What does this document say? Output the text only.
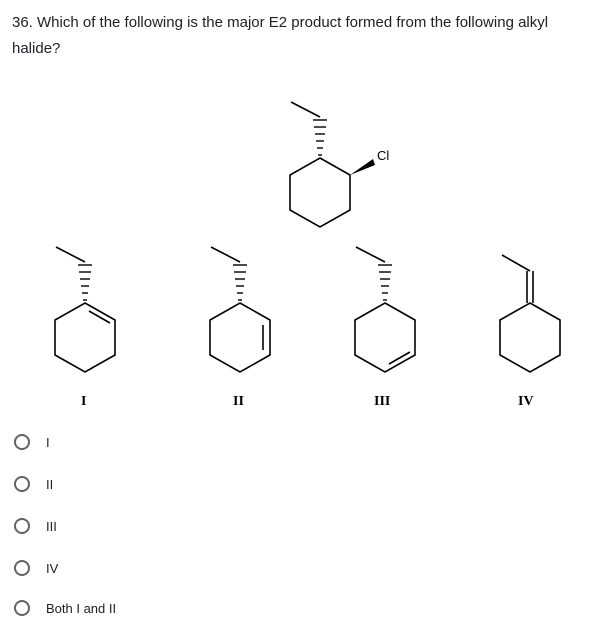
36. Which of the following is the major E2 product formed from the following alkyl halide?
Cl
I	II	III	IV
I
II
III
IV
Both I and II
